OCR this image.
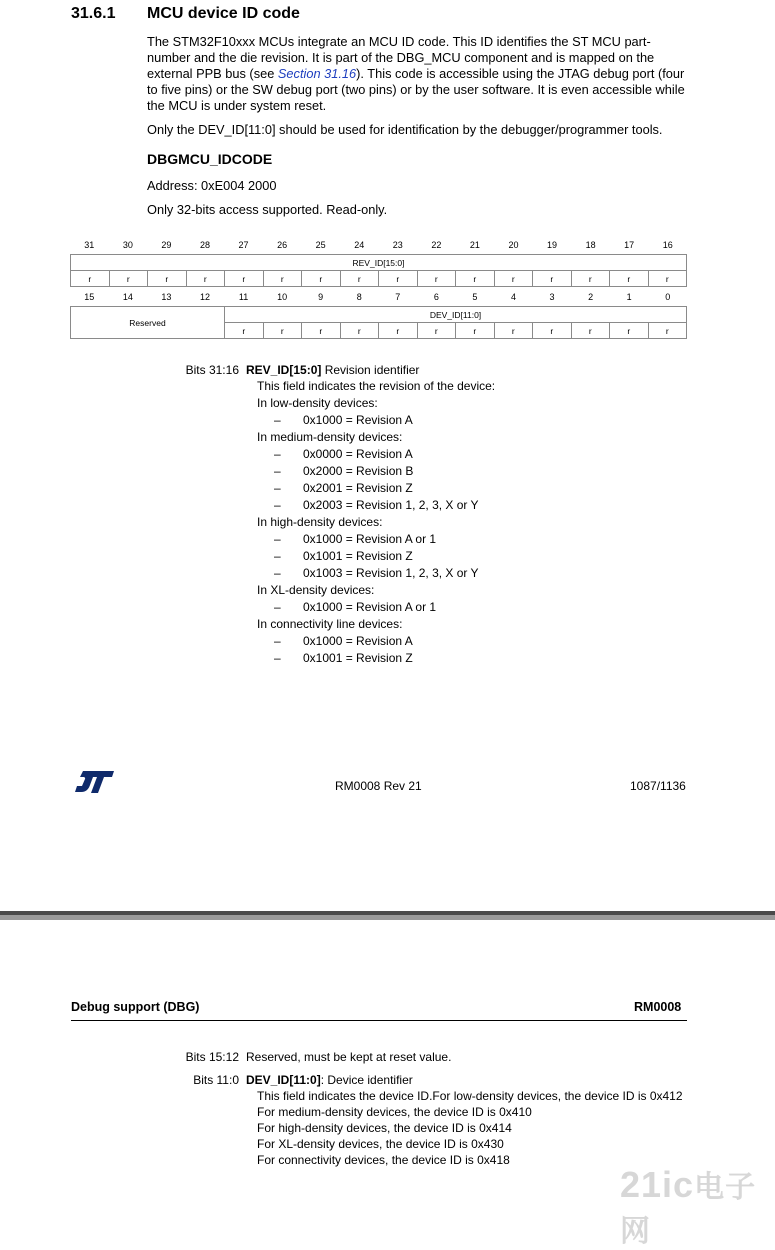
31.6.1 MCU device ID code
The STM32F10xxx MCUs integrate an MCU ID code. This ID identifies the ST MCU part-number and the die revision. It is part of the DBG_MCU component and is mapped on the external PPB bus (see Section 31.16). This code is accessible using the JTAG debug port (four to five pins) or the SW debug port (two pins) or by the user software. It is even accessible while the MCU is under system reset.
Only the DEV_ID[11:0] should be used for identification by the debugger/programmer tools.
DBGMCU_IDCODE
Address: 0xE004 2000
Only 32-bits access supported. Read-only.
31	30	29	28	27	26	25	24	23	22	21	20	19	18	17	16
REV_ID[15:0]
r	r	r	r	r	r	r	r	r	r	r	r	r	r	r	r
15	14	13	12	11	10	9	8	7	6	5	4	3	2	1	0
Reserved	DEV_ID[11:0]											
	r	r	r	r	r	r	r	r	r	r	r	r
Bits 31:16 REV_ID[15:0] Revision identifier
This field indicates the revision of the device:
In low-density devices:
– 0x1000 = Revision A
In medium-density devices:
– 0x0000 = Revision A
– 0x2000 = Revision B
– 0x2001 = Revision Z
– 0x2003 = Revision 1, 2, 3, X or Y
In high-density devices:
– 0x1000 = Revision A or 1
– 0x1001 = Revision Z
– 0x1003 = Revision 1, 2, 3, X or Y
In XL-density devices:
– 0x1000 = Revision A or 1
In connectivity line devices:
– 0x1000 = Revision A
– 0x1001 = Revision Z
RM0008 Rev 21	1087/1136
Debug support (DBG)	RM0008
Bits 15:12 Reserved, must be kept at reset value.
Bits 11:0 DEV_ID[11:0]: Device identifier
This field indicates the device ID.For low-density devices, the device ID is 0x412
For medium-density devices, the device ID is 0x410
For high-density devices, the device ID is 0x414
For XL-density devices, the device ID is 0x430
For connectivity devices, the device ID is 0x418
21ic电子网
